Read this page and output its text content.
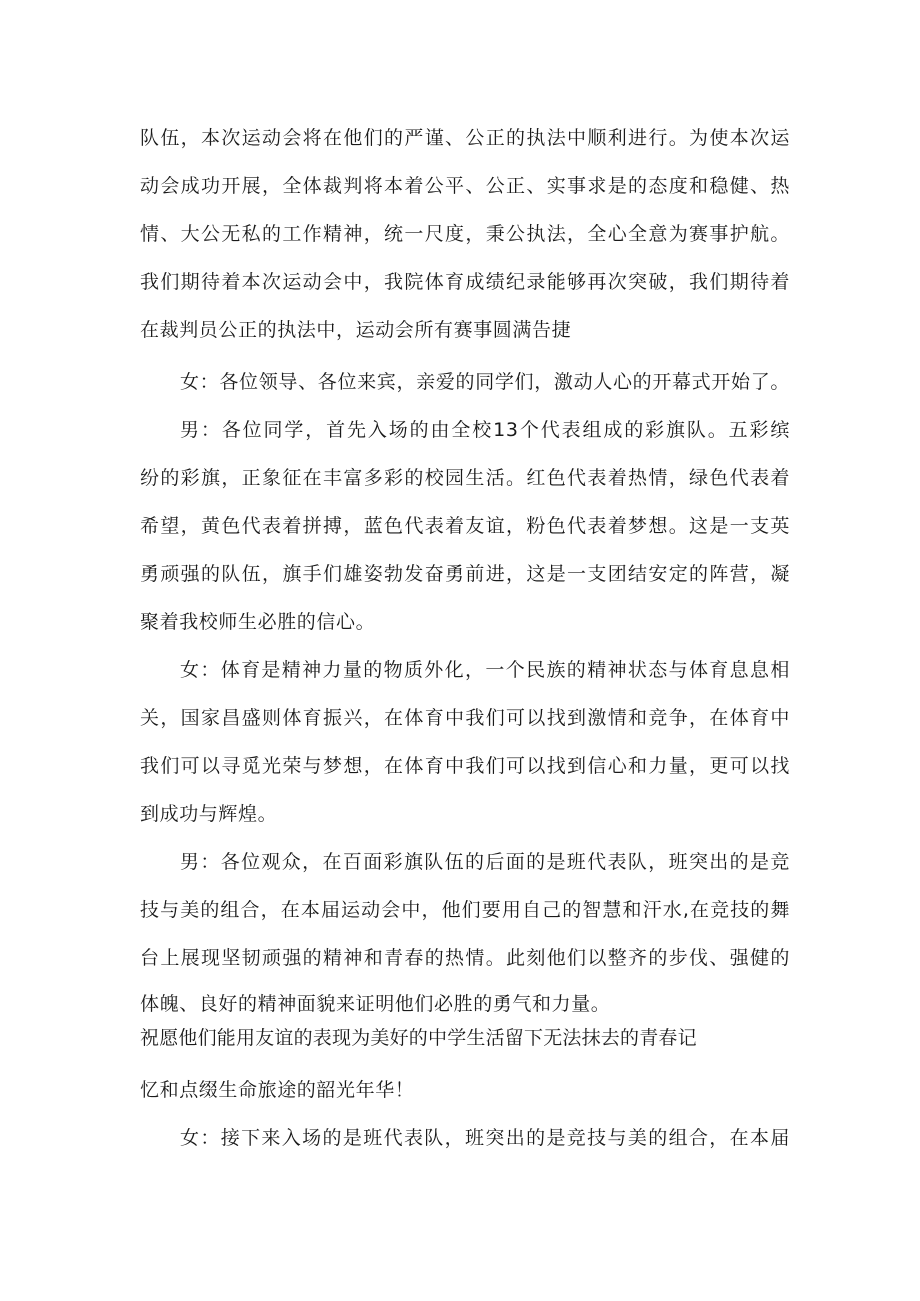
队伍，本次运动会将在他们的严谨、公正的执法中顺利进行。为使本次运
动会成功开展，全体裁判将本着公平、公正、实事求是的态度和稳健、热
情、大公无私的工作精神，统一尺度，秉公执法，全心全意为赛事护航。
我们期待着本次运动会中，我院体育成绩纪录能够再次突破，我们期待着
在裁判员公正的执法中，运动会所有赛事圆满告捷
女：各位领导、各位来宾，亲爱的同学们，激动人心的开幕式开始了。
男：各位同学，首先入场的由全校13个代表组成的彩旗队。五彩缤
纷的彩旗，正象征在丰富多彩的校园生活。红色代表着热情，绿色代表着
希望，黄色代表着拼搏，蓝色代表着友谊，粉色代表着梦想。这是一支英
勇顽强的队伍，旗手们雄姿勃发奋勇前进，这是一支团结安定的阵营，凝
聚着我校师生必胜的信心。
女：体育是精神力量的物质外化，一个民族的精神状态与体育息息相
关，国家昌盛则体育振兴，在体育中我们可以找到激情和竞争，在体育中
我们可以寻觅光荣与梦想，在体育中我们可以找到信心和力量，更可以找
到成功与辉煌。
男：各位观众，在百面彩旗队伍的后面的是班代表队，班突出的是竞
技与美的组合，在本届运动会中，他们要用自己的智慧和汗水,在竞技的舞
台上展现坚韧顽强的精神和青春的热情。此刻他们以整齐的步伐、强健的
体魄、良好的精神面貌来证明他们必胜的勇气和力量。
祝愿他们能用友谊的表现为美好的中学生活留下无法抹去的青春记
忆和点缀生命旅途的韶光年华！
女：接下来入场的是班代表队，班突出的是竞技与美的组合，在本届
